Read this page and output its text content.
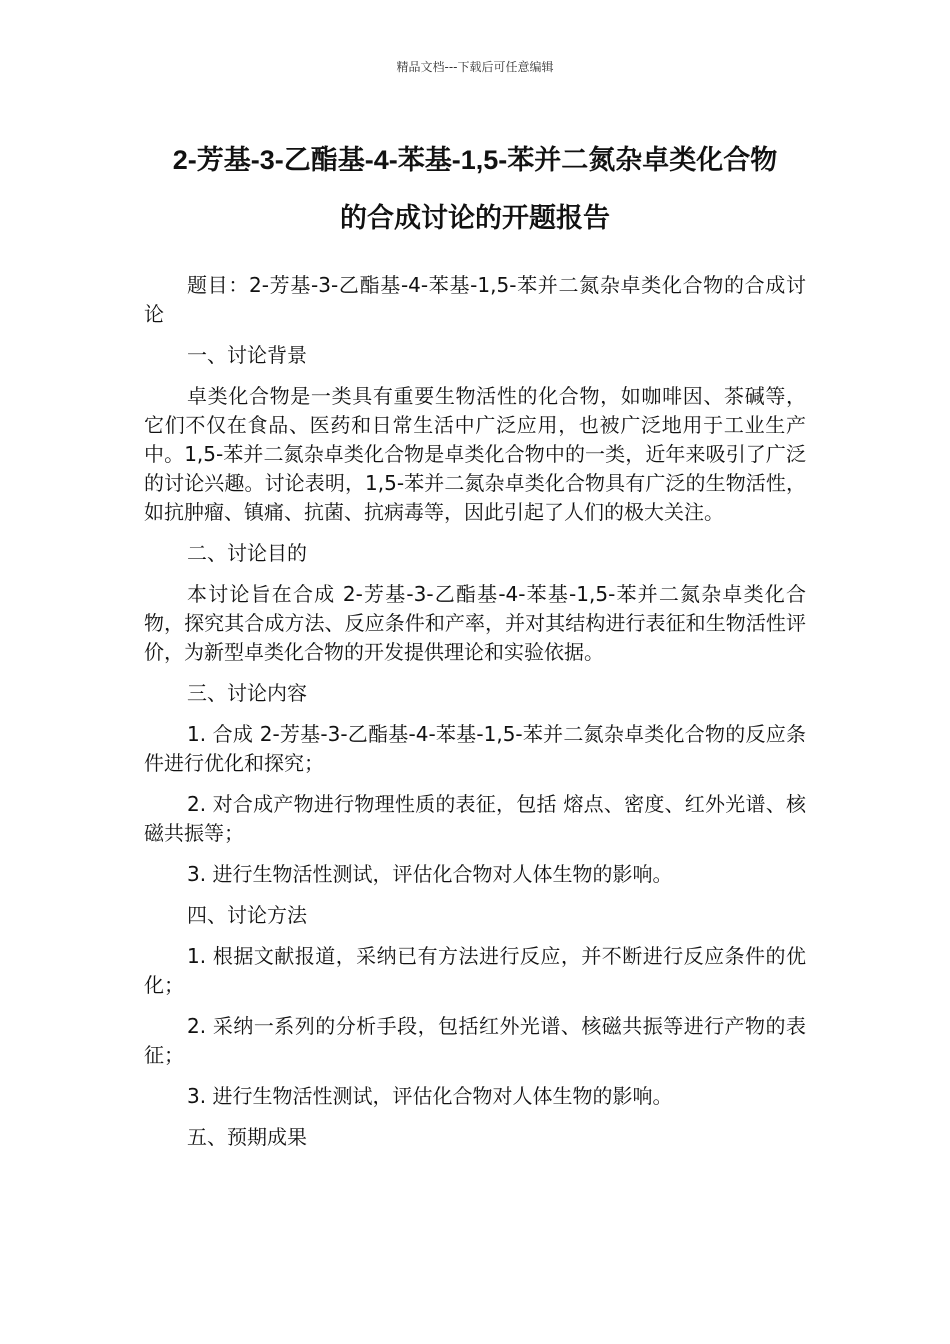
精品文档---下载后可任意编辑
2-芳基-3-乙酯基-4-苯基-1,5-苯并二氮杂卓类化合物
的合成讨论的开题报告

题目：2-芳基-3-乙酯基-4-苯基-1,5-苯并二氮杂卓类化合物的合成讨论

一、讨论背景

卓类化合物是一类具有重要生物活性的化合物，如咖啡因、茶碱等，它们不仅在食品、医药和日常生活中广泛应用，也被广泛地用于工业生产中。1,5-苯并二氮杂卓类化合物是卓类化合物中的一类，近年来吸引了广泛的讨论兴趣。讨论表明，1,5-苯并二氮杂卓类化合物具有广泛的生物活性，如抗肿瘤、镇痛、抗菌、抗病毒等，因此引起了人们的极大关注。

二、讨论目的

本讨论旨在合成 2-芳基-3-乙酯基-4-苯基-1,5-苯并二氮杂卓类化合物，探究其合成方法、反应条件和产率，并对其结构进行表征和生物活性评价，为新型卓类化合物的开发提供理论和实验依据。

三、讨论内容

1. 合成 2-芳基-3-乙酯基-4-苯基-1,5-苯并二氮杂卓类化合物的反应条件进行优化和探究；

2. 对合成产物进行物理性质的表征，包括 熔点、密度、红外光谱、核磁共振等；

3. 进行生物活性测试，评估化合物对人体生物的影响。

四、讨论方法

1. 根据文献报道，采纳已有方法进行反应，并不断进行反应条件的优化；

2. 采纳一系列的分析手段，包括红外光谱、核磁共振等进行产物的表征；

3. 进行生物活性测试，评估化合物对人体生物的影响。

五、预期成果
